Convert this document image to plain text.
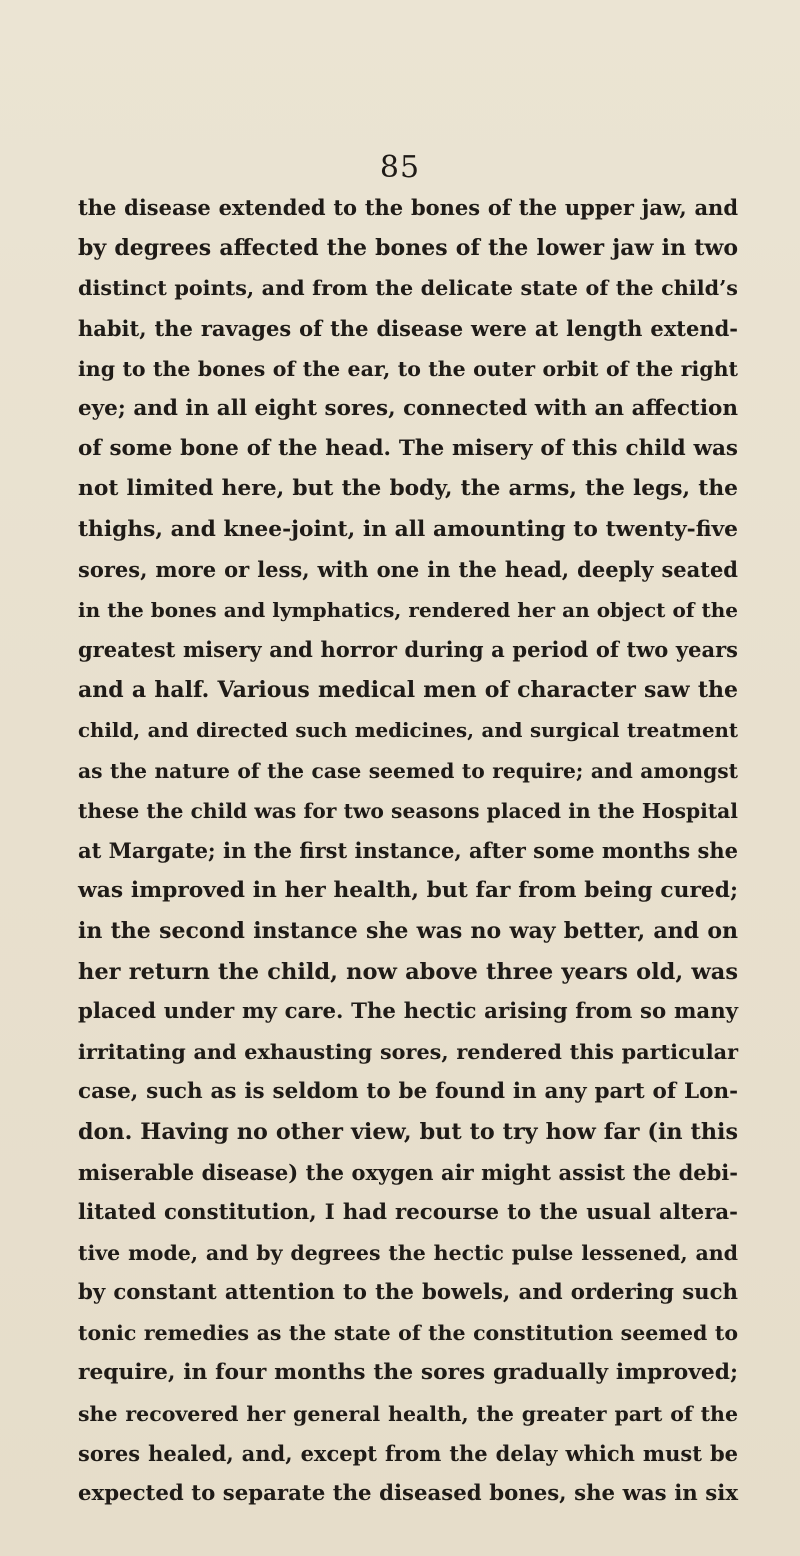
85
the disease extended to the bones of the upper jaw, and
by degrees affected the bones of the lower jaw in two
distinct points, and from the delicate state of the child’s
habit, the ravages of the disease were at length extend-
ing to the bones of the ear, to the outer orbit of the right
eye; and in all eight sores, connected with an affection
of some bone of the head. The misery of this child was
not limited here, but the body, the arms, the legs, the
thighs, and knee-joint, in all amounting to twenty-five
sores, more or less, with one in the head, deeply seated
in the bones and lymphatics, rendered her an object of the
greatest misery and horror during a period of two years
and a half. Various medical men of character saw the
child, and directed such medicines, and surgical treatment
as the nature of the case seemed to require; and amongst
these the child was for two seasons placed in the Hospital
at Margate; in the first instance, after some months she
was improved in her health, but far from being cured;
in the second instance she was no way better, and on
her return the child, now above three years old, was
placed under my care. The hectic arising from so many
irritating and exhausting sores, rendered this particular
case, such as is seldom to be found in any part of Lon-
don. Having no other view, but to try how far (in this
miserable disease) the oxygen air might assist the debi-
litated constitution, I had recourse to the usual altera-
tive mode, and by degrees the hectic pulse lessened, and
by constant attention to the bowels, and ordering such
tonic remedies as the state of the constitution seemed to
require, in four months the sores gradually improved;
she recovered her general health, the greater part of the
sores healed, and, except from the delay which must be
expected to separate the diseased bones, she was in six
